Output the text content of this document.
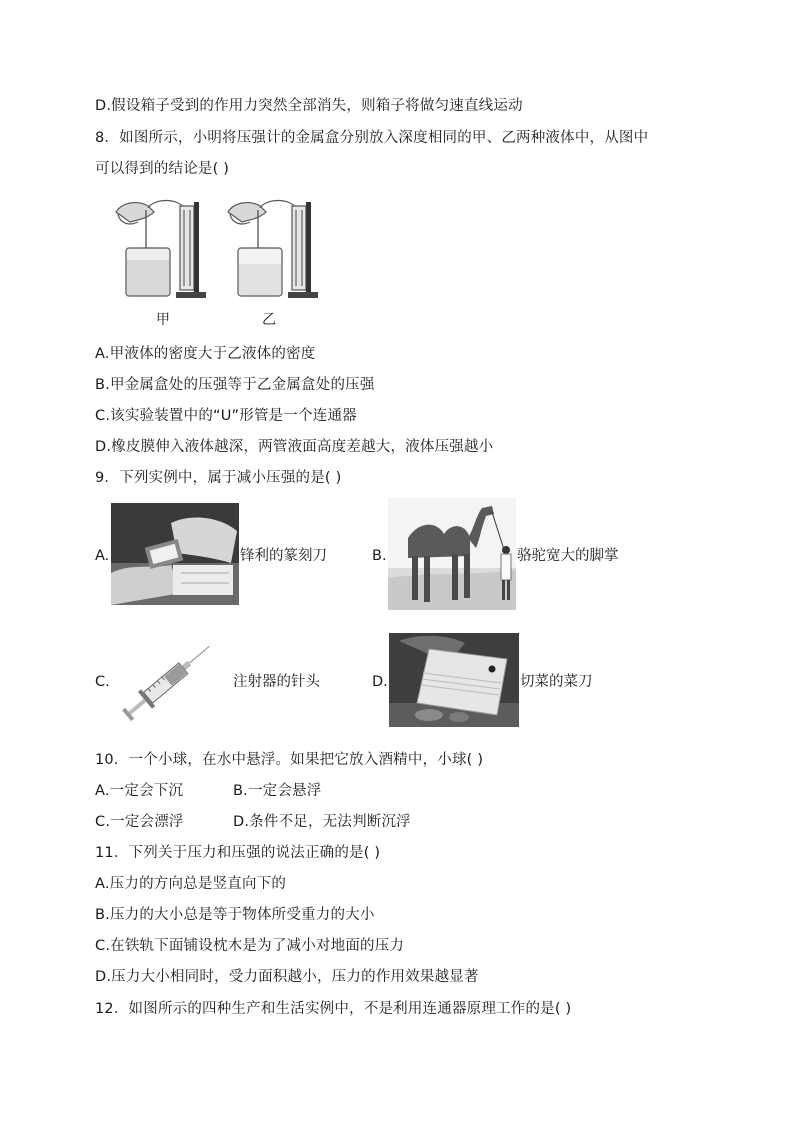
D.假设箱子受到的作用力突然全部消失，则箱子将做匀速直线运动
8．如图所示，小明将压强计的金属盒分别放入深度相同的甲、乙两种液体中，从图中
可以得到的结论是( )
甲	乙
A.甲液体的密度大于乙液体的密度
B.甲金属盒处的压强等于乙金属盒处的压强
C.该实验装置中的“U”形管是一个连通器
D.橡皮膜伸入液体越深，两管液面高度差越大，液体压强越小
9．下列实例中，属于减小压强的是( )
A.	锋利的篆刻刀	B.	骆驼宽大的脚掌
C.	注射器的针头	D.	切菜的菜刀
10．一个小球，在水中悬浮。如果把它放入酒精中，小球( )
A.一定会下沉	B.一定会悬浮
C.一定会漂浮	D.条件不足，无法判断沉浮
11．下列关于压力和压强的说法正确的是( )
A.压力的方向总是竖直向下的
B.压力的大小总是等于物体所受重力的大小
C.在铁轨下面铺设枕木是为了减小对地面的压力
D.压力大小相同时，受力面积越小，压力的作用效果越显著
12．如图所示的四种生产和生活实例中，不是利用连通器原理工作的是( )
